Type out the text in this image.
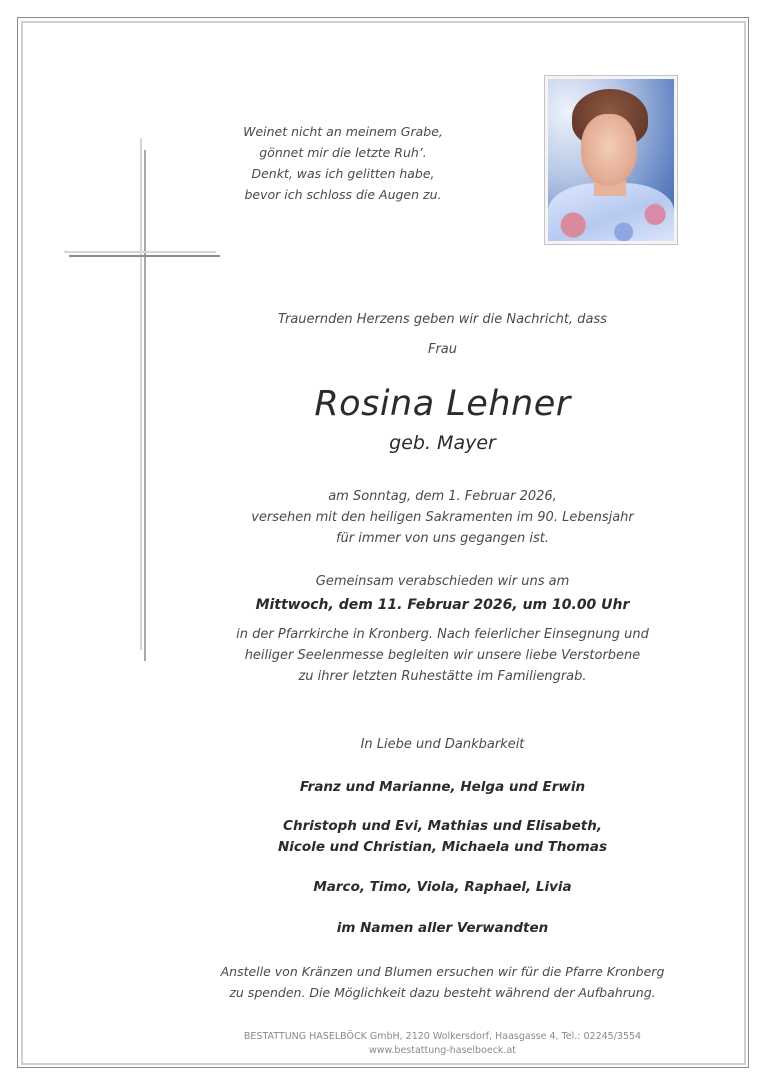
Weinet nicht an meinem Grabe,
gönnet mir die letzte Ruh’.
Denkt, was ich gelitten habe,
bevor ich schloss die Augen zu.
Trauernden Herzens geben wir die Nachricht, dass
Frau
Rosina Lehner
geb. Mayer
am Sonntag, dem 1. Februar 2026,
versehen mit den heiligen Sakramenten im 90. Lebensjahr
für immer von uns gegangen ist.
Gemeinsam verabschieden wir uns am
Mittwoch, dem 11. Februar 2026, um 10.00 Uhr
in der Pfarrkirche in Kronberg. Nach feierlicher Einsegnung und
heiliger Seelenmesse begleiten wir unsere liebe Verstorbene
zu ihrer letzten Ruhestätte im Familiengrab.
In Liebe und Dankbarkeit
Franz und Marianne, Helga und Erwin
Christoph und Evi, Mathias und Elisabeth,
Nicole und Christian, Michaela und Thomas
Marco, Timo, Viola, Raphael, Livia
im Namen aller Verwandten
Anstelle von Kränzen und Blumen ersuchen wir für die Pfarre Kronberg
zu spenden. Die Möglichkeit dazu besteht während der Aufbahrung.
BESTATTUNG HASELBÖCK GmbH, 2120 Wolkersdorf, Haasgasse 4, Tel.: 02245/3554
www.bestattung-haselboeck.at
